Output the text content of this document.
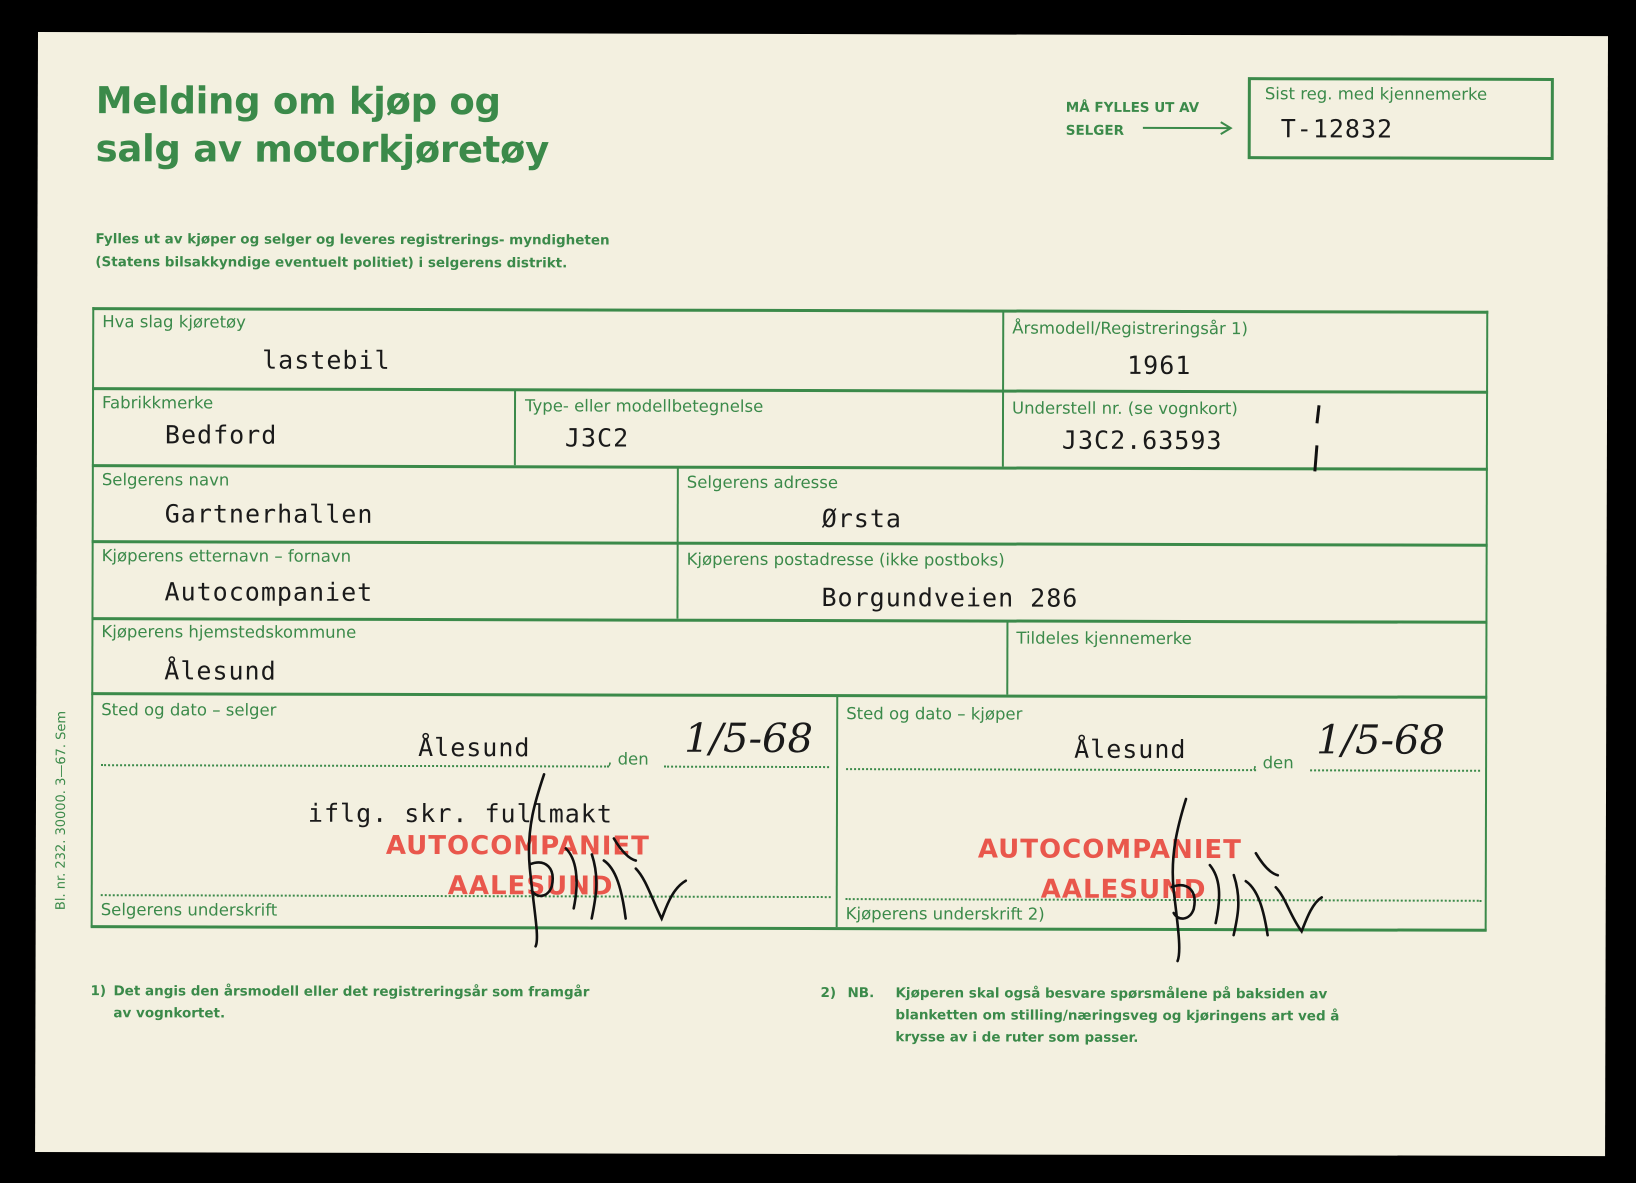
Melding om kjøp og salg av motorkjøretøy
Fylles ut av kjøper og selger og leveres registrerings- myndigheten (Statens bilsakkyndige eventuelt politiet) i selgerens distrikt.
MÅ FYLLES UT AV
SELGER
Sist reg. med kjennemerke
T-12832
Hva slag kjøretøy
lastebil
Årsmodell/Registreringsår 1)
1961
Fabrikkmerke
Bedford
Type- eller modellbetegnelse
J3C2
Understell nr. (se vognkort)
J3C2.63593
Selgerens navn
Gartnerhallen
Selgerens adresse
Ørsta
Kjøperens etternavn – fornavn
Autocompaniet
Kjøperens postadresse (ikke postboks)
Borgundveien 286
Kjøperens hjemstedskommune
Ålesund
Tildeles kjennemerke
Sted og dato – selger
Ålesund	, den 1/5-68
iflg. skr. fullmakt
AUTOCOMPANIET
AALESUND
Selgerens underskrift
Sted og dato – kjøper
Ålesund	, den 1/5-68
AUTOCOMPANIET
AALESUND
Kjøperens underskrift 2)
Bl. nr. 232. 30000. 3—67. Sem
1) Det angis den årsmodell eller det registreringsår som framgår av vognkortet.
2) NB. Kjøperen skal også besvare spørsmålene på baksiden av blanketten om stilling/næringsveg og kjøringens art ved å krysse av i de ruter som passer.
